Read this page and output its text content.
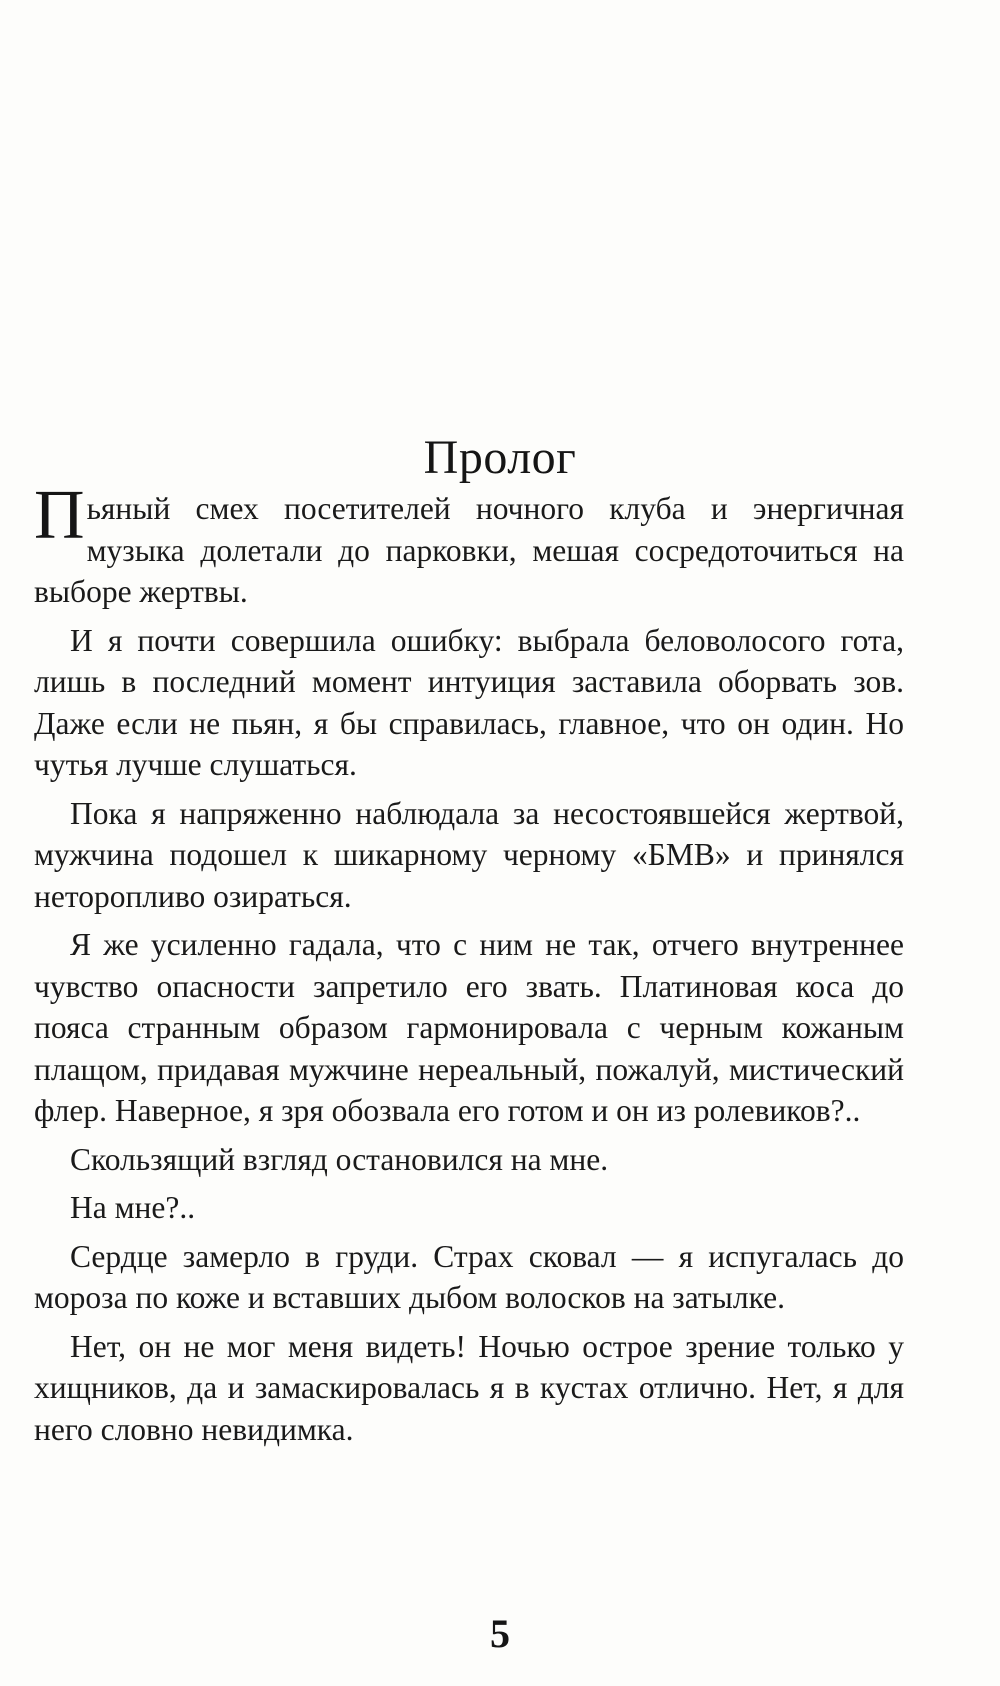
Пролог

Пьяный смех посетителей ночного клуба и энергичная музыка долетали до парковки, мешая сосредоточиться на выборе жертвы.

И я почти совершила ошибку: выбрала беловолосого гота, лишь в последний момент интуиция заставила оборвать зов. Даже если не пьян, я бы справилась, главное, что он один. Но чутья лучше слушаться.

Пока я напряженно наблюдала за несостоявшейся жертвой, мужчина подошел к шикарному черному «БМВ» и принялся неторопливо озираться.

Я же усиленно гадала, что с ним не так, отчего внутреннее чувство опасности запретило его звать. Платиновая коса до пояса странным образом гармонировала с черным кожаным плащом, придавая мужчине нереальный, пожалуй, мистический флер. Наверное, я зря обозвала его готом и он из ролевиков?..

Скользящий взгляд остановился на мне.

На мне?..

Сердце замерло в груди. Страх сковал — я испугалась до мороза по коже и вставших дыбом волосков на затылке.

Нет, он не мог меня видеть! Ночью острое зрение только у хищников, да и замаскировалась я в кустах отлично. Нет, я для него словно невидимка.

5
